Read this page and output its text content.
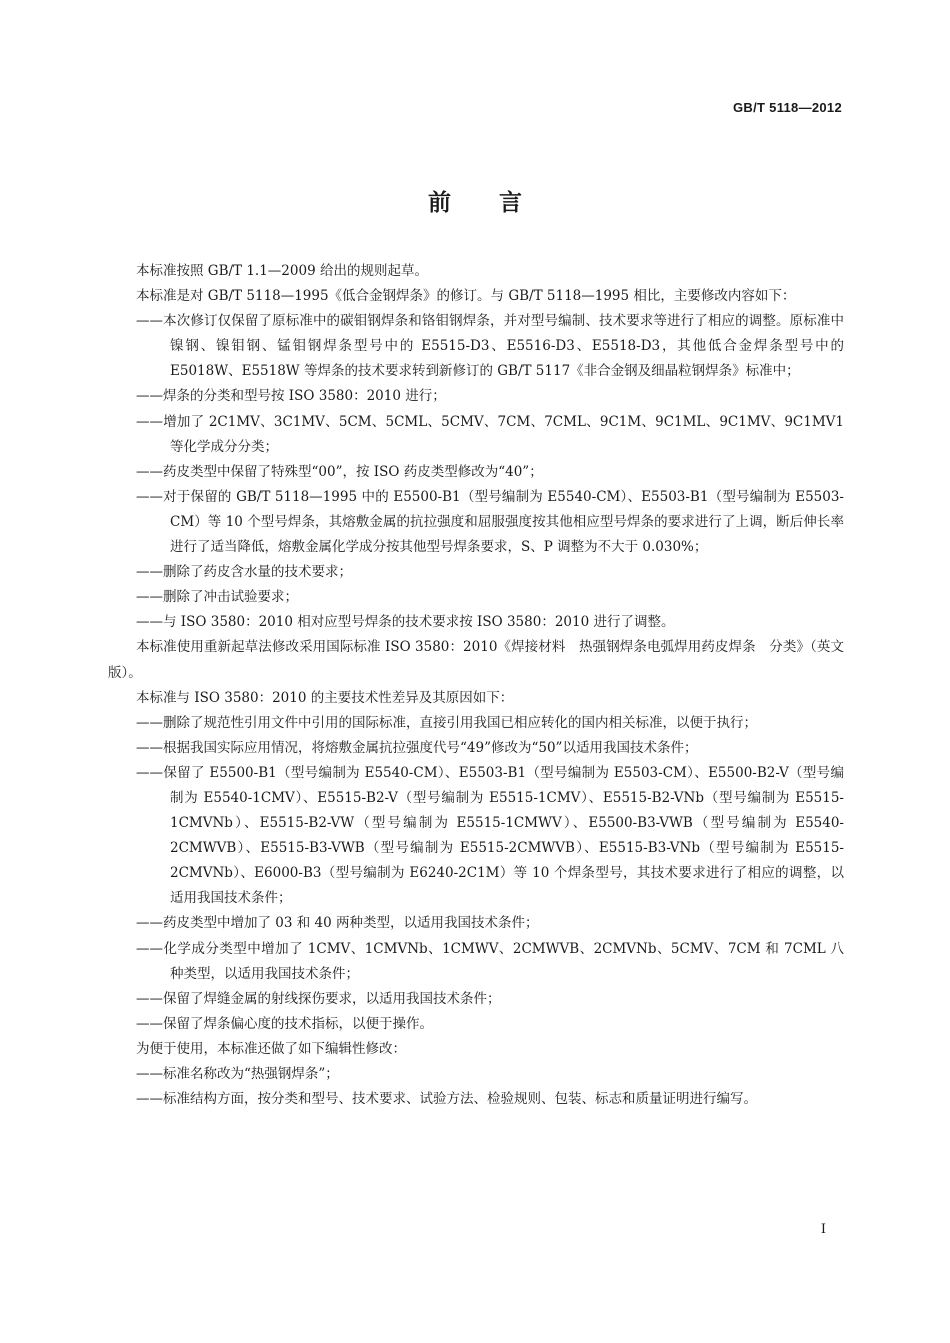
GB/T 5118—2012
前 言

本标准按照 GB/T 1.1—2009 给出的规则起草。

本标准是对 GB/T 5118—1995《低合金钢焊条》的修订。与 GB/T 5118—1995 相比，主要修改内容如下：

——本次修订仅保留了原标准中的碳钼钢焊条和铬钼钢焊条，并对型号编制、技术要求等进行了相应的调整。原标准中镍钢、镍钼钢、锰钼钢焊条型号中的 E5515-D3、E5516-D3、E5518-D3，其他低合金焊条型号中的 E5018W、E5518W 等焊条的技术要求转到新修订的 GB/T 5117《非合金钢及细晶粒钢焊条》标准中；

——焊条的分类和型号按 ISO 3580：2010 进行；

——增加了 2C1MV、3C1MV、5CM、5CML、5CMV、7CM、7CML、9C1M、9C1ML、9C1MV、9C1MV1 等化学成分分类；

——药皮类型中保留了特殊型“00”，按 ISO 药皮类型修改为“40”；

——对于保留的 GB/T 5118—1995 中的 E5500-B1（型号编制为 E5540-CM）、E5503-B1（型号编制为 E5503-CM）等 10 个型号焊条，其熔敷金属的抗拉强度和屈服强度按其他相应型号焊条的要求进行了上调，断后伸长率进行了适当降低，熔敷金属化学成分按其他型号焊条要求，S、P 调整为不大于 0.030%；

——删除了药皮含水量的技术要求；

——删除了冲击试验要求；

——与 ISO 3580：2010 相对应型号焊条的技术要求按 ISO 3580：2010 进行了调整。

本标准使用重新起草法修改采用国际标准 ISO 3580：2010《焊接材料　热强钢焊条电弧焊用药皮焊条　分类》（英文版）。

本标准与 ISO 3580：2010 的主要技术性差异及其原因如下：

——删除了规范性引用文件中引用的国际标准，直接引用我国已相应转化的国内相关标准，以便于执行；

——根据我国实际应用情况，将熔敷金属抗拉强度代号“49”修改为“50”以适用我国技术条件；

——保留了 E5500-B1（型号编制为 E5540-CM）、E5503-B1（型号编制为 E5503-CM）、E5500-B2-V（型号编制为 E5540-1CMV）、E5515-B2-V（型号编制为 E5515-1CMV）、E5515-B2-VNb（型号编制为 E5515-1CMVNb）、E5515-B2-VW（型号编制为 E5515-1CMWV）、E5500-B3-VWB（型号编制为 E5540-2CMWVB）、E5515-B3-VWB（型号编制为 E5515-2CMWVB）、E5515-B3-VNb（型号编制为 E5515-2CMVNb）、E6000-B3（型号编制为 E6240-2C1M）等 10 个焊条型号，其技术要求进行了相应的调整，以适用我国技术条件；

——药皮类型中增加了 03 和 40 两种类型，以适用我国技术条件；

——化学成分类型中增加了 1CMV、1CMVNb、1CMWV、2CMWVB、2CMVNb、5CMV、7CM 和 7CML 八种类型，以适用我国技术条件；

——保留了焊缝金属的射线探伤要求，以适用我国技术条件；

——保留了焊条偏心度的技术指标，以便于操作。

为便于使用，本标准还做了如下编辑性修改：

——标准名称改为“热强钢焊条”；

——标准结构方面，按分类和型号、技术要求、试验方法、检验规则、包装、标志和质量证明进行编写。

I
